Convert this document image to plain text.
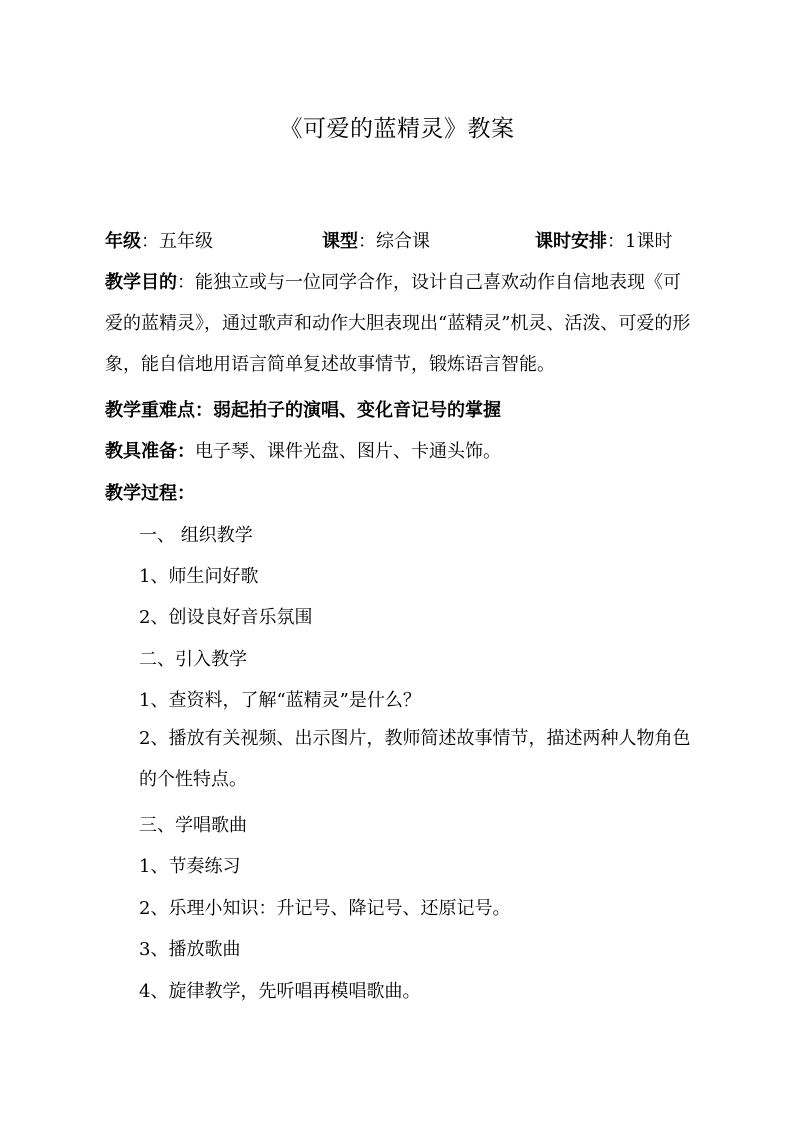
《可爱的蓝精灵》教案
年级：五年级	课型：综合课	课时安排：1课时
教学目的：能独立或与一位同学合作，设计自己喜欢动作自信地表现《可爱的蓝精灵》，通过歌声和动作大胆表现出“蓝精灵”机灵、活泼、可爱的形象，能自信地用语言简单复述故事情节，锻炼语言智能。
教学重难点：弱起拍子的演唱、变化音记号的掌握
教具准备：电子琴、课件光盘、图片、卡通头饰。
教学过程：
一、 组织教学
1、师生问好歌
2、创设良好音乐氛围
二、引入教学
1、查资料，了解“蓝精灵”是什么？
2、播放有关视频、出示图片，教师简述故事情节，描述两种人物角色的个性特点。
三、学唱歌曲
1、节奏练习
2、乐理小知识：升记号、降记号、还原记号。
3、播放歌曲
4、旋律教学，先听唱再模唱歌曲。
